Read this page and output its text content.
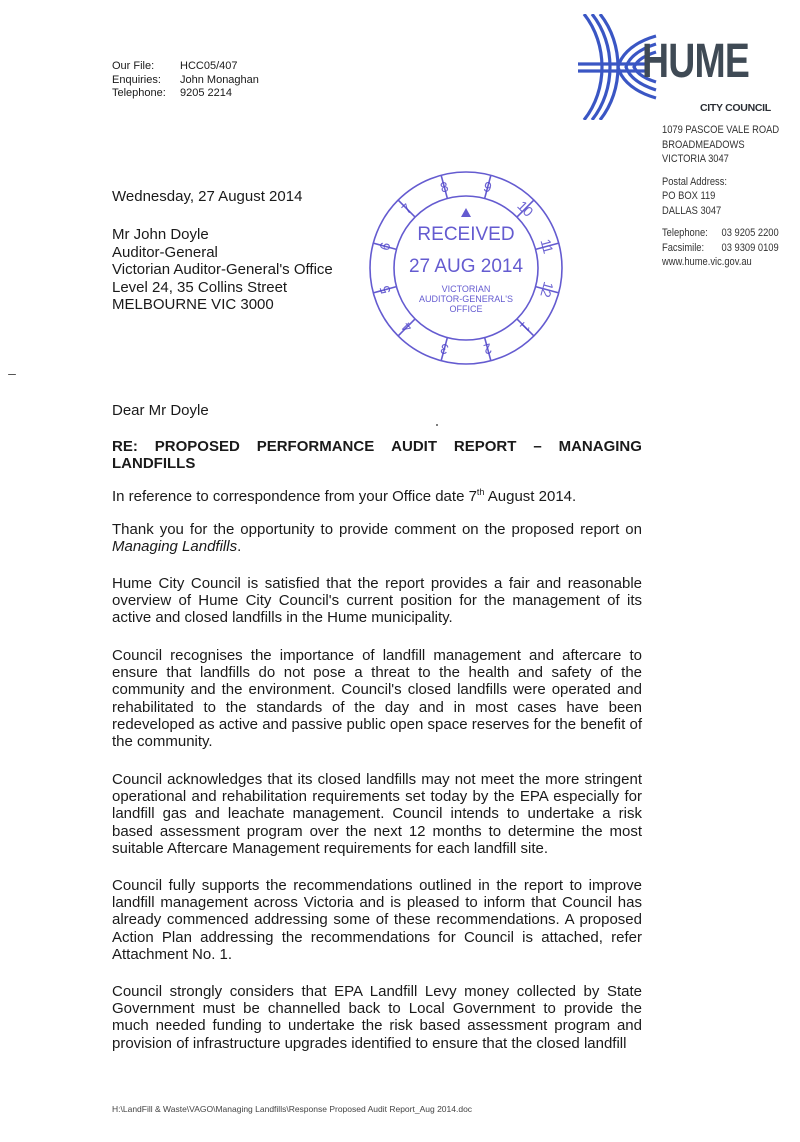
Our File:	HCC05/407
Enquiries:	John Monaghan
Telephone:	9205 2214
HUME
CITY COUNCIL
1079 PASCOE VALE ROAD
BROADMEADOWS
VICTORIA 3047
Postal Address:
PO BOX 119
DALLAS 3047
Telephone:	03 9205 2200
Facsimile:	03 9309 0109
www.hume.vic.gov.au
Wednesday, 27 August 2014
Mr John Doyle
Auditor-General
Victorian Auditor-General's Office
Level 24, 35 Collins Street
MELBOURNE VIC 3000
8 9
10
11
12
1
2
3
4
5
6
7
RECEIVED
27 AUG 2014
VICTORIAN
AUDITOR-GENERAL'S
OFFICE
Dear Mr Doyle
RE: PROPOSED PERFORMANCE AUDIT REPORT – MANAGING
LANDFILLS

In reference to correspondence from your Office date 7th August 2014.

Thank you for the opportunity to provide comment on the proposed report on Managing Landfills.

Hume City Council is satisfied that the report provides a fair and reasonable overview of Hume City Council's current position for the management of its active and closed landfills in the Hume municipality.

Council recognises the importance of landfill management and aftercare to ensure that landfills do not pose a threat to the health and safety of the community and the environment. Council's closed landfills were operated and rehabilitated to the standards of the day and in most cases have been redeveloped as active and passive public open space reserves for the benefit of the community.

Council acknowledges that its closed landfills may not meet the more stringent operational and rehabilitation requirements set today by the EPA especially for landfill gas and leachate management. Council intends to undertake a risk based assessment program over the next 12 months to determine the most suitable Aftercare Management requirements for each landfill site.

Council fully supports the recommendations outlined in the report to improve landfill management across Victoria and is pleased to inform that Council has already commenced addressing some of these recommendations. A proposed Action Plan addressing the recommendations for Council is attached, refer Attachment No. 1.

Council strongly considers that EPA Landfill Levy money collected by State Government must be channelled back to Local Government to provide the much needed funding to undertake the risk based assessment program and provision of infrastructure upgrades identified to ensure that the closed landfill

H:\LandFill & Waste\VAGO\Managing Landfills\Response Proposed Audit Report_Aug 2014.doc
